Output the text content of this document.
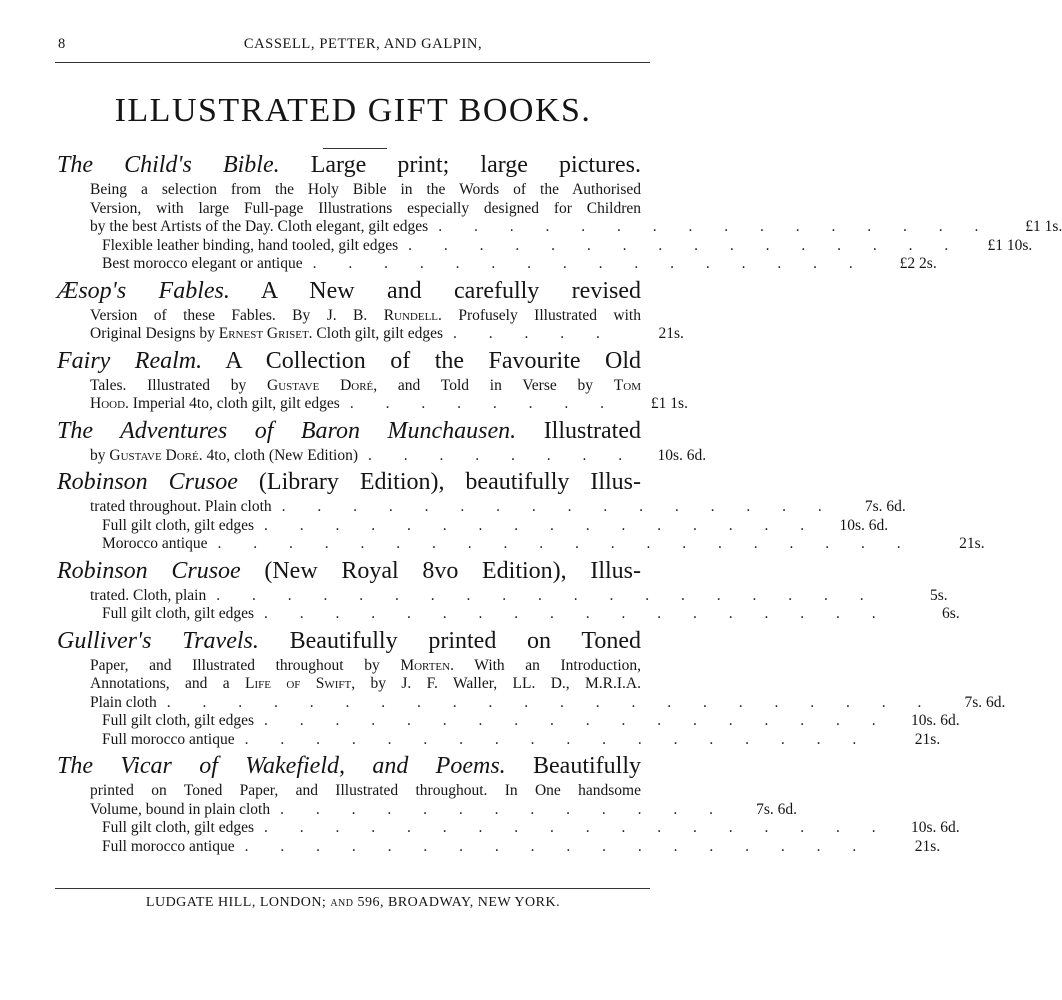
8	CASSELL, PETTER, AND GALPIN,
ILLUSTRATED GIFT BOOKS.
The Child's Bible. Large print; large pictures.
Being a selection from the Holy Bible in the Words of the Authorised
Version, with large Full-page Illustrations especially designed for Children
by the best Artists of the Day. Cloth elegant, gilt edges . . . . . . . . . . . . . . . .	£1 1s.
Flexible leather binding, hand tooled, gilt edges . . . . . . . . . . . . . . . .	£1 10s.
Best morocco elegant or antique . . . . . . . . . . . . . . . .	£2 2s.
Æsop's Fables. A New and carefully revised
Version of these Fables. By J. B. Rundell. Profusely Illustrated with
Original Designs by Ernest Griset. Cloth gilt, gilt edges . . . . .	21s.
Fairy Realm. A Collection of the Favourite Old
Tales. Illustrated by Gustave Doré, and Told in Verse by Tom
Hood. Imperial 4to, cloth gilt, gilt edges . . . . . . . .	£1 1s.
The Adventures of Baron Munchausen. Illustrated
by Gustave Doré. 4to, cloth (New Edition) . . . . . . . .	10s. 6d.
Robinson Crusoe (Library Edition), beautifully Illus-
trated throughout. Plain cloth . . . . . . . . . . . . . . . .	7s. 6d.
Full gilt cloth, gilt edges . . . . . . . . . . . . . . . .	10s. 6d.
Morocco antique . . . . . . . . . . . . . . . . . . . .	21s.
Robinson Crusoe (New Royal 8vo Edition), Illus-
trated. Cloth, plain . . . . . . . . . . . . . . . . . . .	5s.
Full gilt cloth, gilt edges . . . . . . . . . . . . . . . . . .	6s.
Gulliver's Travels. Beautifully printed on Toned
Paper, and Illustrated throughout by Morten. With an Introduction,
Annotations, and a Life of Swift, by J. F. Waller, LL. D., M.R.I.A.
Plain cloth . . . . . . . . . . . . . . . . . . . . . .	7s. 6d.
Full gilt cloth, gilt edges . . . . . . . . . . . . . . . . . .	10s. 6d.
Full morocco antique . . . . . . . . . . . . . . . . . .	21s.
The Vicar of Wakefield, and Poems. Beautifully
printed on Toned Paper, and Illustrated throughout. In One handsome
Volume, bound in plain cloth . . . . . . . . . . . . .	7s. 6d.
Full gilt cloth, gilt edges . . . . . . . . . . . . . . . . . .	10s. 6d.
Full morocco antique . . . . . . . . . . . . . . . . . .	21s.
LUDGATE HILL, LONDON; and 596, BROADWAY, NEW YORK.
